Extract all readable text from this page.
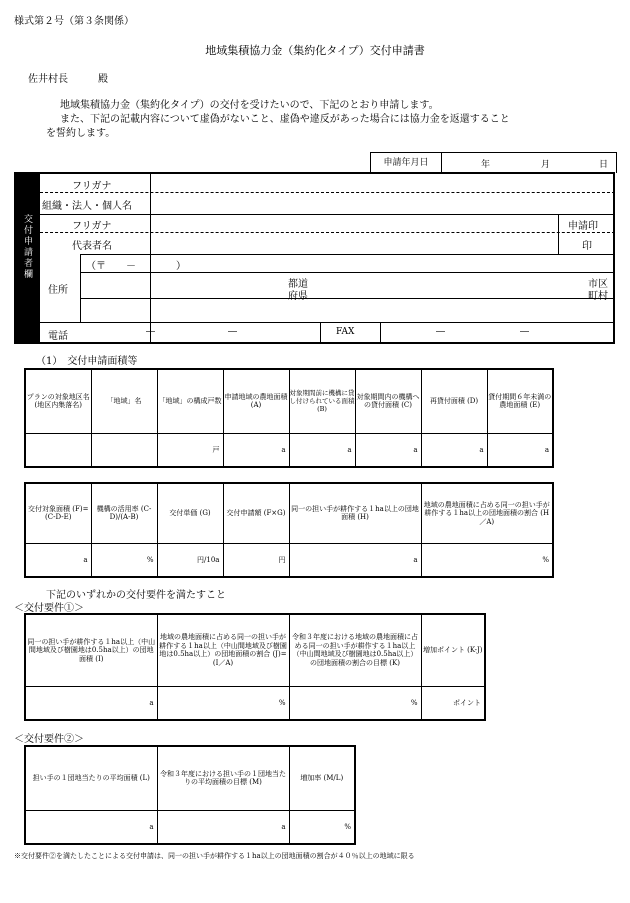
様式第２号（第３条関係）
地域集積協力金（集約化タイプ）交付申請書
佐井村長　　　殿
地域集積協力金（集約化タイプ）の交付を受けたいので、下記のとおり申請します。
また、下記の記載内容について虚偽がないこと、虚偽や違反があった場合には協力金を返還すること
を誓約します。
申請年月日	年	月	日
交付申請者欄
フリガナ
組織・法人・個人名
フリガナ	申請印
代表者名	印
住所
（〒　　－　　　　）
都道
府県
市区
町村
電話	―	―	FAX	―	―
（1）　交付申請面積等
プランの対象地区名(地区内集落名)	「地域」名	「地域」の構成戸数	申請地域の農地面積 (A)	対象期間前に機構に貸し付けられている面積 (B)	対象期間内の機構への貸付面積 (C)	再貸付面積 (D)	貸付期間６年未満の農地面積 (E)
		戸	a	a	a	a	a
交付対象面積 (F)=(C-D-E)	機構の活用率 (C-D)/(A-B)	交付単価 (G)	交付申請額 (F×G)	同一の担い手が耕作する１ha以上の団地面積 (H)	地域の農地面積に占める同一の担い手が耕作する１ha以上の団地面積の割合 (H／A)
a	%	円/10a	円	a	%
下記のいずれかの交付要件を満たすこと
＜交付要件①＞
同一の担い手が耕作する１ha以上（中山間地域及び樹園地は0.5ha以上）の団地面積 (I)	地域の農地面積に占める同一の担い手が耕作する１ha以上（中山間地域及び樹園地は0.5ha以上）の団地面積の割合 (J)=(I／A)	令和３年度における地域の農地面積に占める同一の担い手が耕作する１ha以上（中山間地域及び樹園地は0.5ha以上）の団地面積の割合の目標 (K)	増加ポイント (K-J)
a	%	%	ポイント
＜交付要件②＞
担い手の１団地当たりの平均面積 (L)	令和３年度における担い手の１団地当たりの平均面積の目標 (M)	増加率 (M/L)
a	a	%
※交付要件②を満たしたことによる交付申請は、同一の担い手が耕作する１ha以上の団地面積の割合が４０％以上の地域に限る
